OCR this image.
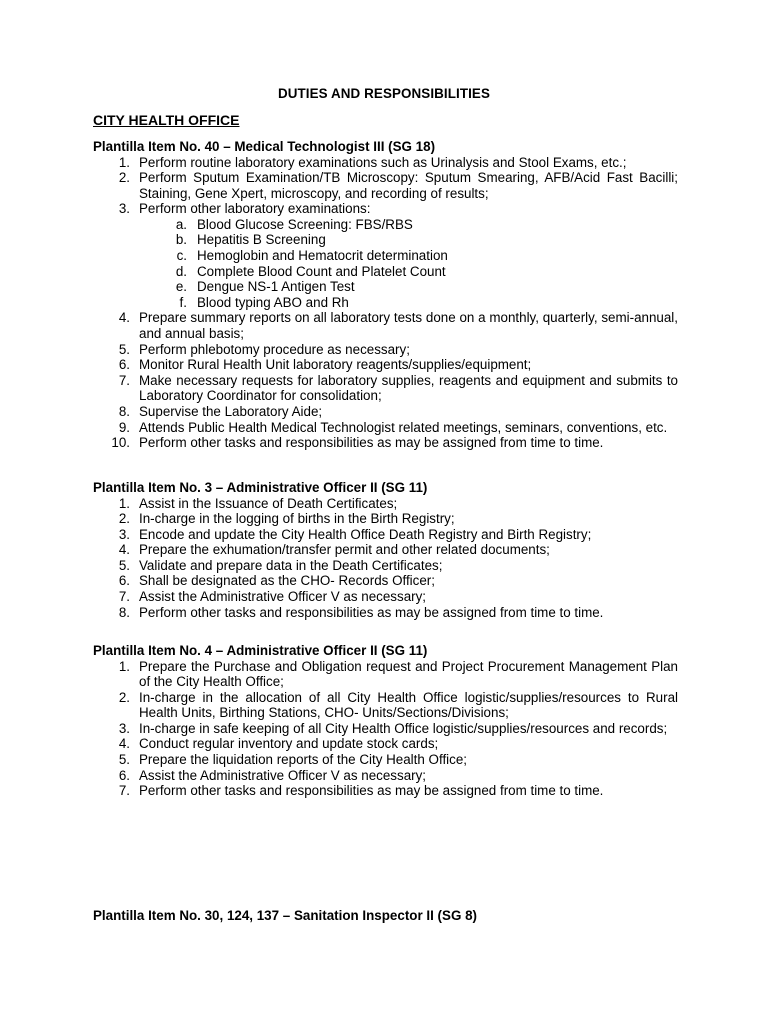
DUTIES AND RESPONSIBILITIES
CITY HEALTH OFFICE
Plantilla Item No. 40 – Medical Technologist III (SG 18)
1. Perform routine laboratory examinations such as Urinalysis and Stool Exams, etc.;
2. Perform Sputum Examination/TB Microscopy: Sputum Smearing, AFB/Acid Fast Bacilli; Staining, Gene Xpert, microscopy, and recording of results;
3. Perform other laboratory examinations:
a. Blood Glucose Screening: FBS/RBS
b. Hepatitis B Screening
c. Hemoglobin and Hematocrit determination
d. Complete Blood Count and Platelet Count
e. Dengue NS-1 Antigen Test
f. Blood typing ABO and Rh
4. Prepare summary reports on all laboratory tests done on a monthly, quarterly, semi-annual, and annual basis;
5. Perform phlebotomy procedure as necessary;
6. Monitor Rural Health Unit laboratory reagents/supplies/equipment;
7. Make necessary requests for laboratory supplies, reagents and equipment and submits to Laboratory Coordinator for consolidation;
8. Supervise the Laboratory Aide;
9. Attends Public Health Medical Technologist related meetings, seminars, conventions, etc.
10. Perform other tasks and responsibilities as may be assigned from time to time.
Plantilla Item No. 3 – Administrative Officer II (SG 11)
1. Assist in the Issuance of Death Certificates;
2. In-charge in the logging of births in the Birth Registry;
3. Encode and update the City Health Office Death Registry and Birth Registry;
4. Prepare the exhumation/transfer permit and other related documents;
5. Validate and prepare data in the Death Certificates;
6. Shall be designated as the CHO- Records Officer;
7. Assist the Administrative Officer V as necessary;
8. Perform other tasks and responsibilities as may be assigned from time to time.
Plantilla Item No. 4 – Administrative Officer II (SG 11)
1. Prepare the Purchase and Obligation request and Project Procurement Management Plan of the City Health Office;
2. In-charge in the allocation of all City Health Office logistic/supplies/resources to Rural Health Units, Birthing Stations, CHO- Units/Sections/Divisions;
3. In-charge in safe keeping of all City Health Office logistic/supplies/resources and records;
4. Conduct regular inventory and update stock cards;
5. Prepare the liquidation reports of the City Health Office;
6. Assist the Administrative Officer V as necessary;
7. Perform other tasks and responsibilities as may be assigned from time to time.
Plantilla Item No. 30, 124, 137 – Sanitation Inspector II (SG 8)
